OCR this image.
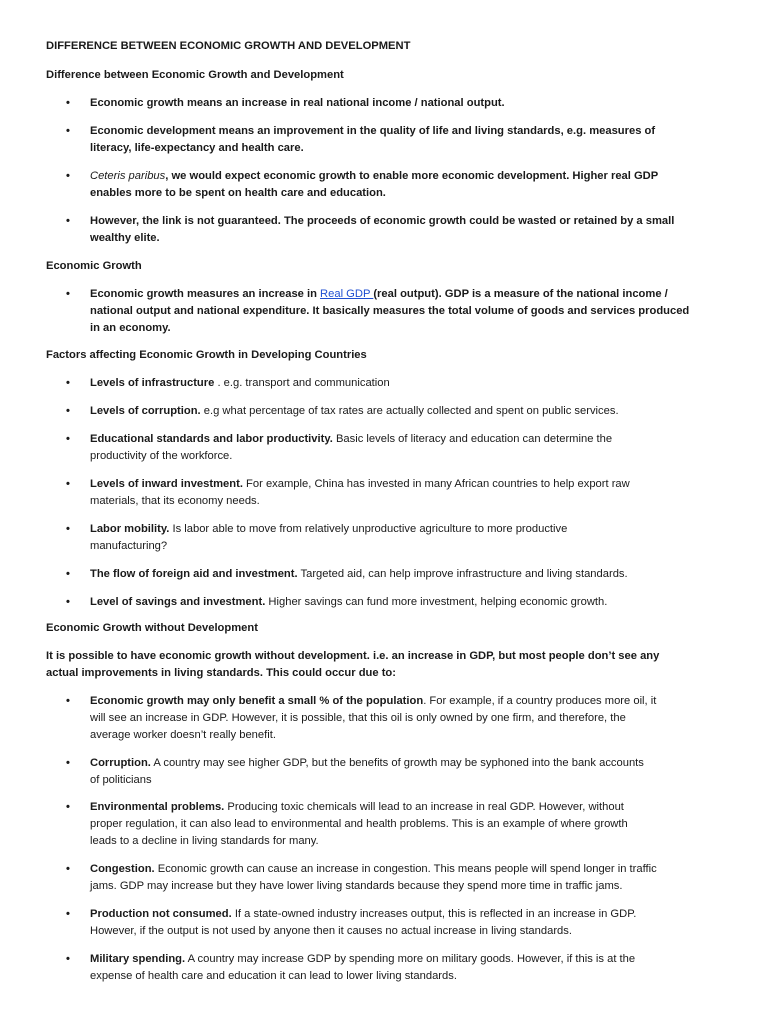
DIFFERENCE BETWEEN ECONOMIC GROWTH AND DEVELOPMENT
Difference between Economic Growth and Development
• Economic growth means an increase in real national income / national output.
• Economic development means an improvement in the quality of life and living standards, e.g. measures of
literacy, life-expectancy and health care.
• Ceteris paribus, we would expect economic growth to enable more economic development. Higher real GDP
enables more to be spent on health care and education.
• However, the link is not guaranteed. The proceeds of economic growth could be wasted or retained by a small
wealthy elite.
Economic Growth
• Economic growth measures an increase in Real GDP (real output). GDP is a measure of the national income /
national output and national expenditure. It basically measures the total volume of goods and services produced
in an economy.
Factors affecting Economic Growth in Developing Countries
• Levels of infrastructure . e.g. transport and communication
• Levels of corruption. e.g what percentage of tax rates are actually collected and spent on public services.
• Educational standards and labor productivity. Basic levels of literacy and education can determine the
productivity of the workforce.
• Levels of inward investment. For example, China has invested in many African countries to help export raw
materials, that its economy needs.
• Labor mobility. Is labor able to move from relatively unproductive agriculture to more productive
manufacturing?
• The flow of foreign aid and investment. Targeted aid, can help improve infrastructure and living standards.
• Level of savings and investment. Higher savings can fund more investment, helping economic growth.
Economic Growth without Development
It is possible to have economic growth without development. i.e. an increase in GDP, but most people don’t see any
actual improvements in living standards. This could occur due to:
• Economic growth may only benefit a small % of the population. For example, if a country produces more oil, it
will see an increase in GDP. However, it is possible, that this oil is only owned by one firm, and therefore, the
average worker doesn’t really benefit.
• Corruption. A country may see higher GDP, but the benefits of growth may be syphoned into the bank accounts
of politicians
• Environmental problems. Producing toxic chemicals will lead to an increase in real GDP. However, without
proper regulation, it can also lead to environmental and health problems. This is an example of where growth
leads to a decline in living standards for many.
• Congestion. Economic growth can cause an increase in congestion. This means people will spend longer in traffic
jams. GDP may increase but they have lower living standards because they spend more time in traffic jams.
• Production not consumed. If a state-owned industry increases output, this is reflected in an increase in GDP.
However, if the output is not used by anyone then it causes no actual increase in living standards.
• Military spending. A country may increase GDP by spending more on military goods. However, if this is at the
expense of health care and education it can lead to lower living standards.
